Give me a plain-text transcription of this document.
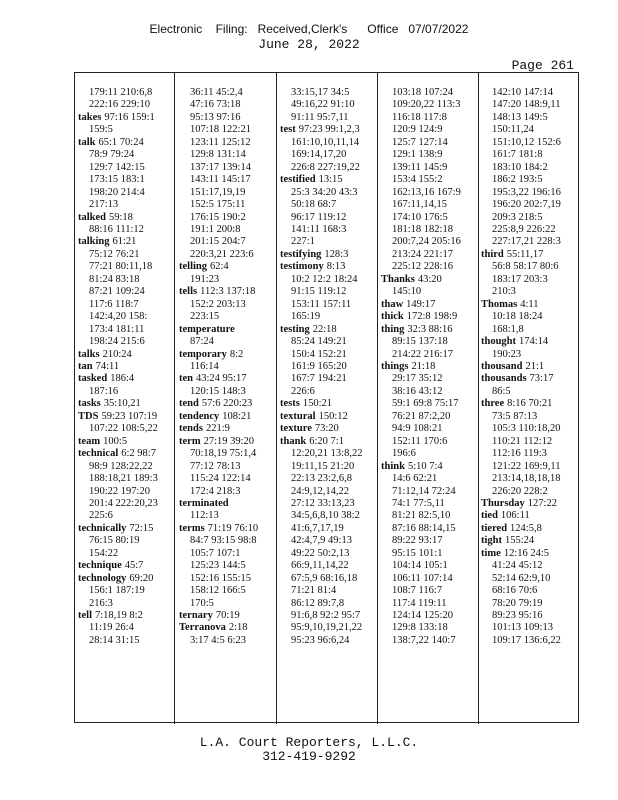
Electronic    Filing:   Received,Clerk's      Office   07/07/2022
June 28, 2022
Page 261
179:11 210:6,8
222:16 229:10
takes 97:16 159:1
159:5
talk 65:1 70:24
78:9 79:24
129:7 142:15
173:15 183:1
198:20 214:4
217:13
talked 59:18
88:16 111:12
talking 61:21
75:12 76:21
77:21 80:11,18
81:24 83:18
87:21 109:24
117:6 118:7
142:4,20 158:
173:4 181:11
198:24 215:6
talks 210:24
tan 74:11
tasked 186:4
187:16
tasks 35:10,21
TDS 59:23 107:19
107:22 108:5,22
team 100:5
technical 6:2 98:7
98:9 128:22,22
188:18,21 189:3
190:22 197:20
201:4 222:20,23
225:6
technically 72:15
76:15 80:19
154:22
technique 45:7
technology 69:20
156:1 187:19
216:3
tell 7:18,19 8:2
11:19 26:4
28:14 31:15
36:11 45:2,4
47:16 73:18
95:13 97:16
107:18 122:21
123:11 125:12
129:8 131:14
137:17 139:14
143:11 145:17
151:17,19,19
152:5 175:11
176:15 190:2
191:1 200:8
201:15 204:7
220:3,21 223:6
telling 62:4
191:23
tells 112:3 137:18
152:2 203:13
223:15
temperature
87:24
temporary 8:2
116:14
ten 43:24 95:17
120:15 148:3
tend 57:6 220:23
tendency 108:21
tends 221:9
term 27:19 39:20
70:18,19 75:1,4
77:12 78:13
115:24 122:14
172:4 218:3
terminated
112:13
terms 71:19 76:10
84:7 93:15 98:8
105:7 107:1
125:23 144:5
152:16 155:15
158:12 166:5
170:5
ternary 70:19
Terranova 2:18
3:17 4:5 6:23
33:15,17 34:5
49:16,22 91:10
91:11 95:7,11
test 97:23 99:1,2,3
161:10,10,11,14
169:14,17,20
226:8 227:19,22
testified 13:15
25:3 34:20 43:3
50:18 68:7
96:17 119:12
141:11 168:3
227:1
testifying 128:3
testimony 8:13
10:2 12:2 18:24
91:15 119:12
153:11 157:11
165:19
testing 22:18
85:24 149:21
150:4 152:21
161:9 165:20
167:7 194:21
226:6
tests 150:21
textural 150:12
texture 73:20
thank 6:20 7:1
12:20,21 13:8,22
19:11,15 21:20
22:13 23:2,6,8
24:9,12,14,22
27:12 33:13,23
34:5,6,8,10 38:2
41:6,7,17,19
42:4,7,9 49:13
49:22 50:2,13
66:9,11,14,22
67:5,9 68:16,18
71:21 81:4
86:12 89:7,8
91:6,8 92:2 95:7
95:9,10,19,21,22
95:23 96:6,24
103:18 107:24
109:20,22 113:3
116:18 117:8
120:9 124:9
125:7 127:14
129:1 138:9
139:11 145:9
153:4 155:2
162:13,16 167:9
167:11,14,15
174:10 176:5
181:18 182:18
200:7,24 205:16
213:24 221:17
225:12 228:16
Thanks 43:20
145:10
thaw 149:17
thick 172:8 198:9
thing 32:3 88:16
89:15 137:18
214:22 216:17
things 21:18
29:17 35:12
38:16 43:12
59:1 69:8 75:17
76:21 87:2,20
94:9 108:21
152:11 170:6
196:6
think 5:10 7:4
14:6 62:21
71:12,14 72:24
74:1 77:5,11
81:21 82:5,10
87:16 88:14,15
89:22 93:17
95:15 101:1
104:14 105:1
106:11 107:14
108:7 116:7
117:4 119:11
124:14 125:20
129:8 133:18
138:7,22 140:7
142:10 147:14
147:20 148:9,11
148:13 149:5
150:11,24
151:10,12 152:6
161:7 181:8
183:10 184:2
186:2 193:5
195:3,22 196:16
196:20 202:7,19
209:3 218:5
225:8,9 226:22
227:17,21 228:3
third 55:11,17
56:8 58:17 80:6
183:17 203:3
210:3
Thomas 4:11
10:18 18:24
168:1,8
thought 174:14
190:23
thousand 21:1
thousands 73:17
86:5
three 8:16 70:21
73:5 87:13
105:3 110:18,20
110:21 112:12
112:16 119:3
121:22 169:9,11
213:14,18,18,18
226:20 228:2
Thursday 127:22
tied 106:11
tiered 124:5,8
tight 155:24
time 12:16 24:5
41:24 45:12
52:14 62:9,10
68:16 70:6
78:20 79:19
89:23 95:16
101:13 109:13
109:17 136:6,22
L.A. Court Reporters, L.L.C.
312-419-9292
